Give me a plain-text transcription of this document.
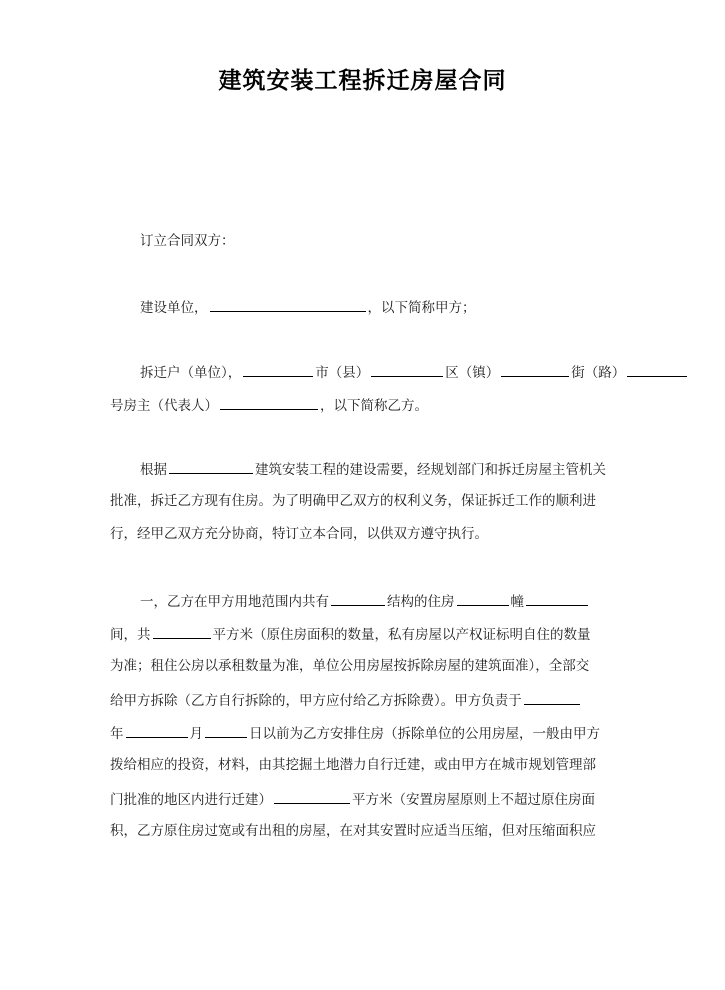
建筑安装工程拆迁房屋合同
订立合同双方：
建设单位，	，以下简称甲方；
拆迁户（单位），	市（县）	区（镇）	街（路）
号房主（代表人）	，以下简称乙方。
根据	建筑安装工程的建设需要，经规划部门和拆迁房屋主管机关
批准，拆迁乙方现有住房。为了明确甲乙双方的权利义务，保证拆迁工作的顺利进
行，经甲乙双方充分协商，特订立本合同，以供双方遵守执行。
一，乙方在甲方用地范围内共有	结构的住房	幢
间，共	平方米（原住房面积的数量，私有房屋以产权证标明自住的数量
为准；租住公房以承租数量为准，单位公用房屋按拆除房屋的建筑面准），全部交
给甲方拆除（乙方自行拆除的，甲方应付给乙方拆除费）。甲方负责于
年	月	日以前为乙方安排住房（拆除单位的公用房屋，一般由甲方
拨给相应的投资，材料，由其挖掘土地潜力自行迁建，或由甲方在城市规划管理部
门批准的地区内进行迁建）	平方米（安置房屋原则上不超过原住房面
积，乙方原住房过宽或有出租的房屋，在对其安置时应适当压缩，但对压缩面积应
